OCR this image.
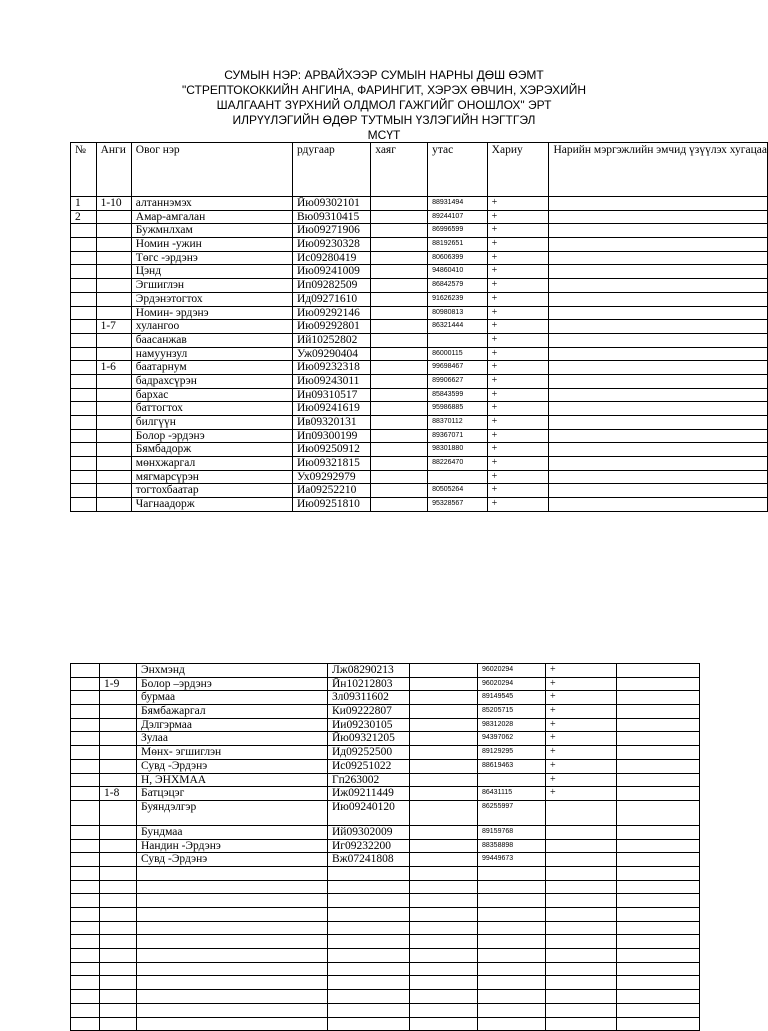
СУМЫН НЭР: АРВАЙХЭЭР СУМЫН НАРНЫ ДӨШ ӨЭМТ
"СТРЕПТОКОККИЙН АНГИНА, ФАРИНГИТ, ХЭРЭХ ӨВЧИН, ХЭРЭХИЙН
ШАЛГААНТ ЗҮРХНИЙ ОЛДМОЛ ГАЖГИЙГ ОНОШЛОХ" ЭРТ
ИЛРҮҮЛЭГИЙН ӨДӨР ТУТМЫН ҮЗЛЭГИЙН НЭГТГЭЛ
МСҮТ
№	Анги	Овог нэр	рдугаар	хаяг	утас	Хариу	Нарийн мэргэжлийн эмчид үзүүлэх хугацаа
1	1-10	алтаннэмэх	Йю09302101		88931494	+	
2		Амар-амгалан	Вю09310415		89244107	+	
		Бужмнлхам	Ию09271906		86996599	+	
		Номин -ужин	Ию09230328		88192651	+	
		Төгс -эрдэнэ	Ис09280419		80606399	+	
		Цэнд	Ию09241009		94860410	+	
		Эгшиглэн	Ип09282509		86842579	+	
		Эрдэнэтогтох	Ид09271610		91626239	+	
		Номин- эрдэнэ	Ию09292146		80980813	+	
	1-7	хулангоо	Ию09292801		86321444	+	
		баасанжав	Ий10252802			+	
		намуунзул	Уж09290404		86000115	+	
	1-6	баатарнум	Ию09232318		99698467	+	
		бадрахсүрэн	Ию09243011		89906627	+	
		бархас	Ин09310517		85843599	+	
		баттогтох	Ию09241619		95986885	+	
		билгүүн	Ив09320131		88370112	+	
		Болор -эрдэнэ	Ип09300199		89367071	+	
		Бямбадорж	Ию09250912		98301880	+	
		мөнхжаргал	Ию09321815		88226470	+	
		мягмарсүрэн	Ух09292979			+	
		тогтохбаатар	Иа09252210		80505264	+	
		Чагнаадорж	Ию09251810		95328567	+	
		Энхмэнд	Лж08290213		96020294	+	
	1-9	Болор –эрдэнэ	Йн10212803		96020294	+	
		бурмаа	Зл09311602		89149545	+	
		Бямбажаргал	Ки09222807		85205715	+	
		Дэлгэрмаа	Ии09230105		98312028	+	
		Зулаа	Йю09321205		94397062	+	
		Мөнх- эгшиглэн	Ид09252500		89129295	+	
		Сувд -Эрдэнэ	Ис09251022		88619463	+	
		Н, ЭНХМАА	Гп263002			+	
	1-8	Батцэцэг	Иж09211449		86431115	+	
		Буяндэлгэр	Ию09240120		86255997		
		Бундмаа	Ий09302009		89159768		
		Нандин -Эрдэнэ	Иг09232200		88358898		
		Сувд -Эрдэнэ	Вж07241808		99449673		
